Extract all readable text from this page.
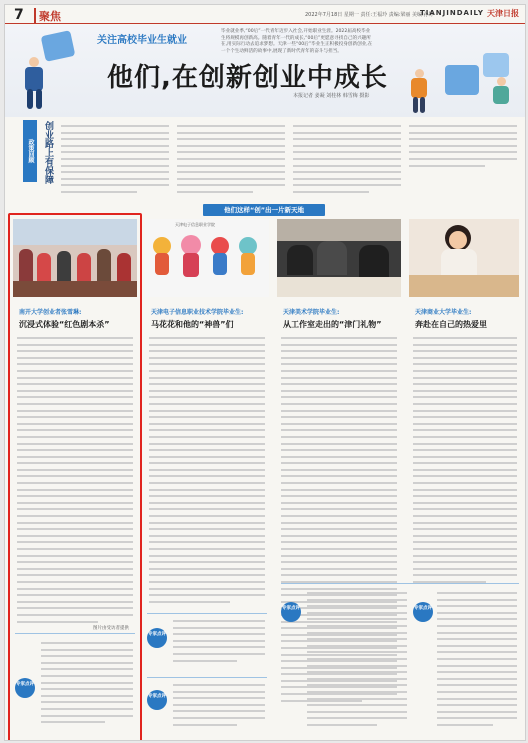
7	聚焦	2022年7月18日 星期一 责任:王福玲 责编:梁丽 美编:孙婷
TIANJINDAILY 天津日报
关注高校毕业生就业
毕业就业季,“00后”一代青年迈步入社会,开始职业生涯。2022届高校毕业生将规模再创新高。随着青年一代的成长,“00后”更愿意寻找自己的兴趣所在,用实际行动去追求梦想。天津一些“00后”毕业生正积极投身创新创业,在一个个生动鲜活的故事中,展现了新时代青年的奋斗与担当。
他们,在创新创业中成长
本报记者 姜凝 刘桂林 韩雪梅 摄影
政策回顾	创业路上有保障
他们这样“创”出一片新天地
南开大学创业者张雪琳:
沉浸式体验“红色剧本杀”
图片由受访者提供
专家点评
天津电子信息职业学院
天津电子信息职业技术学院毕业生:
马花花和他的“神兽”们
专家点评
专家点评
天津美术学院毕业生:
从工作室走出的“津门礼物”
天津商业大学毕业生:
奔赴在自己的热爱里
专家点评	专家点评
